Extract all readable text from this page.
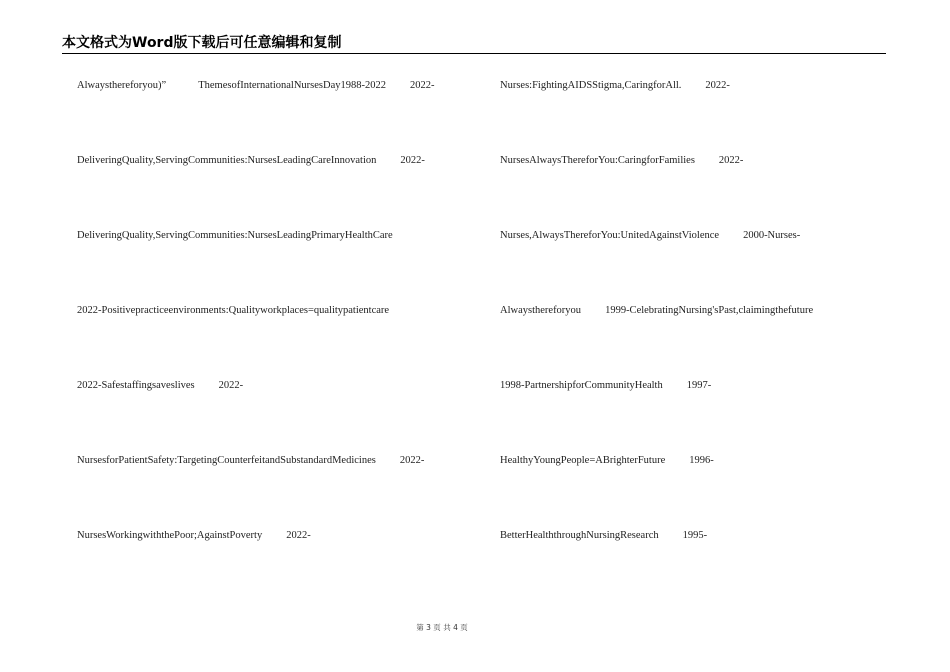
本文格式为Word版下载后可任意编辑和复制
Alwaysthereforyou)”	ThemesofInternationalNursesDay1988-2022 2022-
DeliveringQuality,ServingCommunities:NursesLeadingCareInnovation 2022-
DeliveringQuality,ServingCommunities:NursesLeadingPrimaryHealthCare
2022-Positivepracticeenvironments:Qualityworkplaces=qualitypatientcare
2022-Safestaffingsaveslives 2022-
NursesforPatientSafety:TargetingCounterfeitandSubstandardMedicines 2022-
NursesWorkingwiththePoor;AgainstPoverty 2022-
Nurses:FightingAIDSStigma,CaringforAll. 2022-
NursesAlwaysThereforYou:CaringforFamilies 2022-
Nurses,AlwaysThereforYou:UnitedAgainstViolence 2000-Nurses-
Alwaysthereforyou 1999-CelebratingNursing'sPast,claimingthefuture
1998-PartnershipforCommunityHealth 1997-
HealthyYoungPeople=ABrighterFuture 1996-
BetterHealththroughNursingResearch 1995-
第 3 页 共 4 页
